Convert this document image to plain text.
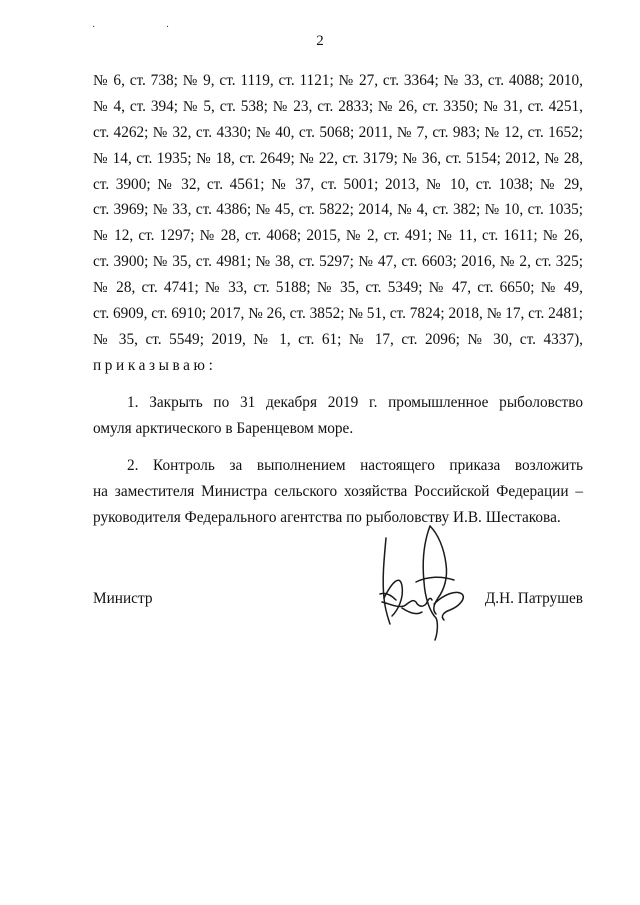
· ·
2
№ 6, ст. 738; № 9, ст. 1119, ст. 1121; № 27, ст. 3364; № 33, ст. 4088; 2010,
№ 4, ст. 394; № 5, ст. 538; № 23, ст. 2833; № 26, ст. 3350; № 31, ст. 4251,
ст. 4262; № 32, ст. 4330; № 40, ст. 5068; 2011, № 7, ст. 983; № 12, ст. 1652;
№ 14, ст. 1935; № 18, ст. 2649; № 22, ст. 3179; № 36, ст. 5154; 2012, № 28,
ст. 3900; № 32, ст. 4561; № 37, ст. 5001; 2013, № 10, ст. 1038; № 29,
ст. 3969; № 33, ст. 4386; № 45, ст. 5822; 2014, № 4, ст. 382; № 10, ст. 1035;
№ 12, ст. 1297; № 28, ст. 4068; 2015, № 2, ст. 491; № 11, ст. 1611; № 26,
ст. 3900; № 35, ст. 4981; № 38, ст. 5297; № 47, ст. 6603; 2016, № 2, ст. 325;
№ 28, ст. 4741; № 33, ст. 5188; № 35, ст. 5349; № 47, ст. 6650; № 49,
ст. 6909, ст. 6910; 2017, № 26, ст. 3852; № 51, ст. 7824; 2018, № 17, ст. 2481;
№ 35, ст. 5549; 2019, № 1, ст. 61; № 17, ст. 2096; № 30, ст. 4337),
приказываю:
1. Закрыть по 31 декабря 2019 г. промышленное рыболовство
омуля арктического в Баренцевом море.
2. Контроль за выполнением настоящего приказа возложить
на заместителя Министра сельского хозяйства Российской Федерации –
руководителя Федерального агентства по рыболовству И.В. Шестакова.
Министр	Д.Н. Патрушев
